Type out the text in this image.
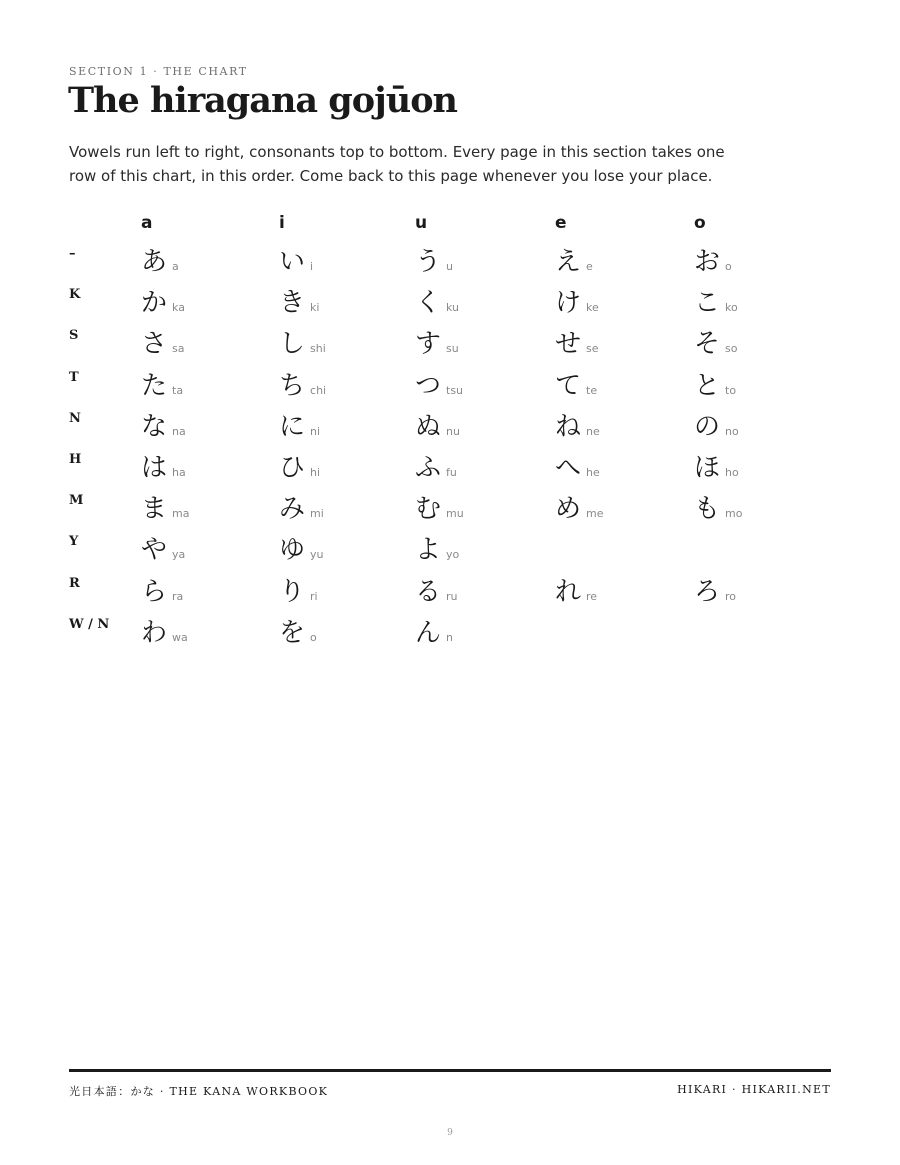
SECTION 1 · THE CHART
The hiragana gojūon

Vowels run left to right, consonants top to bottom. Every page in this section takes one row of this chart, in this order. Come back to this page whenever you lose your place.

a	i	u	e	o
–	あa	いi	うu	えe	おo
K かka	きki	くku	けke	こko
S さsa	しshi	すsu	せse	そso
T たta	ちchi	つtsu	てte	とto
N なna	にni	ぬnu	ねne	のno
H はha	ひhi	ふfu	へhe	ほho
M まma	みmi	むmu	めme	もmo
Y やya	ゆyu	よyo
R らra	りri	るru	れre	ろro
W / N わwa	をo	んn
光日本語：かな · THE KANA WORKBOOK	HIKARI · HIKARII.NET
9
